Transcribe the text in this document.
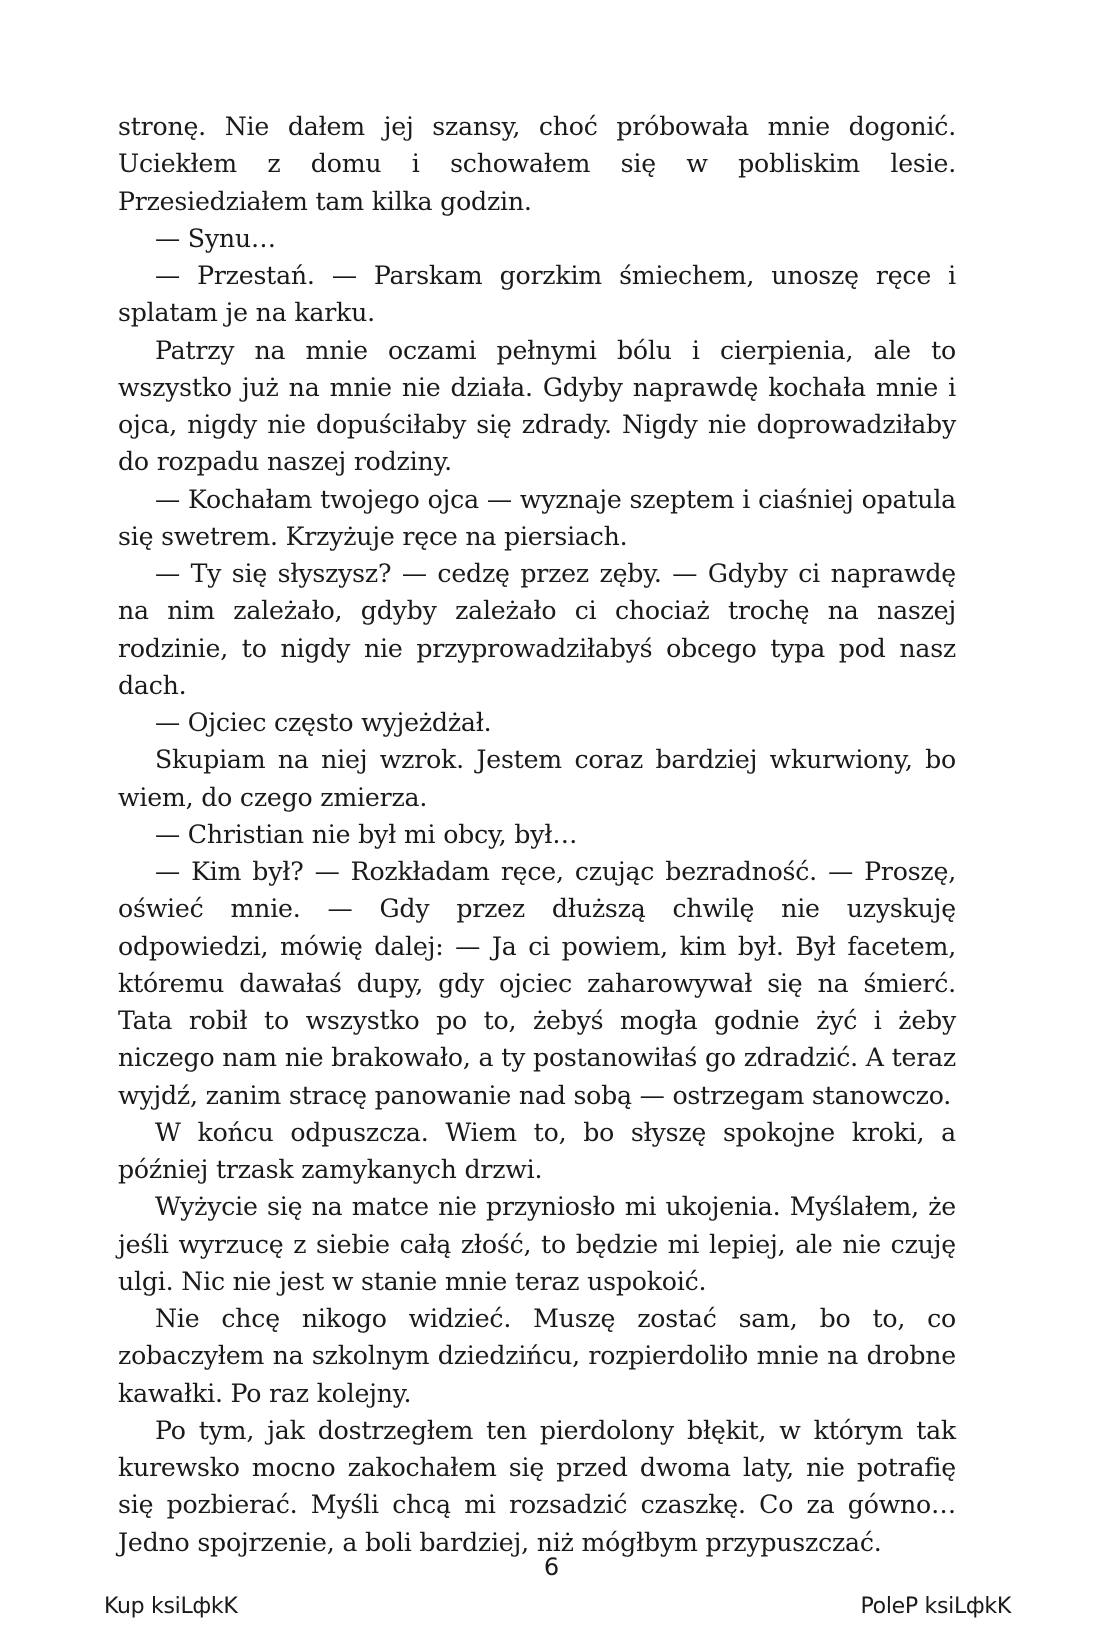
stronę. Nie dałem jej szansy, choć próbowała mnie dogonić. Uciekłem z domu i schowałem się w pobliskim lesie. Przesiedziałem tam kilka godzin.

— Synu…

— Przestań. — Parskam gorzkim śmiechem, unoszę ręce i splatam je na karku.

Patrzy na mnie oczami pełnymi bólu i cierpienia, ale to wszystko już na mnie nie działa. Gdyby naprawdę kochała mnie i ojca, nigdy nie dopuściłaby się zdrady. Nigdy nie doprowadziłaby do rozpadu naszej rodziny.

— Kochałam twojego ojca — wyznaje szeptem i ciaśniej opatula się swetrem. Krzyżuje ręce na piersiach.

— Ty się słyszysz? — cedzę przez zęby. — Gdyby ci naprawdę na nim zależało, gdyby zależało ci chociaż trochę na naszej rodzinie, to nigdy nie przyprowadziłabyś obcego typa pod nasz dach.

— Ojciec często wyjeżdżał.

Skupiam na niej wzrok. Jestem coraz bardziej wkurwiony, bo wiem, do czego zmierza.

— Christian nie był mi obcy, był…

— Kim był? — Rozkładam ręce, czując bezradność. — Proszę, oświeć mnie. — Gdy przez dłuższą chwilę nie uzyskuję odpowiedzi, mówię dalej: — Ja ci powiem, kim był. Był facetem, któremu dawałaś dupy, gdy ojciec zaharowywał się na śmierć. Tata robił to wszystko po to, żebyś mogła godnie żyć i żeby niczego nam nie brakowało, a ty postanowiłaś go zdradzić. A teraz wyjdź, zanim stracę panowanie nad sobą — ostrzegam stanowczo.

W końcu odpuszcza. Wiem to, bo słyszę spokojne kroki, a później trzask zamykanych drzwi.

Wyżycie się na matce nie przyniosło mi ukojenia. Myślałem, że jeśli wyrzucę z siebie całą złość, to będzie mi lepiej, ale nie czuję ulgi. Nic nie jest w stanie mnie teraz uspokoić.

Nie chcę nikogo widzieć. Muszę zostać sam, bo to, co zobaczyłem na szkolnym dziedzińcu, rozpierdoliło mnie na drobne kawałki. Po raz kolejny.

Po tym, jak dostrzegłem ten pierdolony błękit, w którym tak kurewsko mocno zakochałem się przed dwoma laty, nie potrafię się pozbierać. Myśli chcą mi rozsadzić czaszkę. Co za gówno… Jedno spojrzenie, a boli bardziej, niż mógłbym przypuszczać.

6
Kup ksiLфkK	PoleP ksiLфkK
